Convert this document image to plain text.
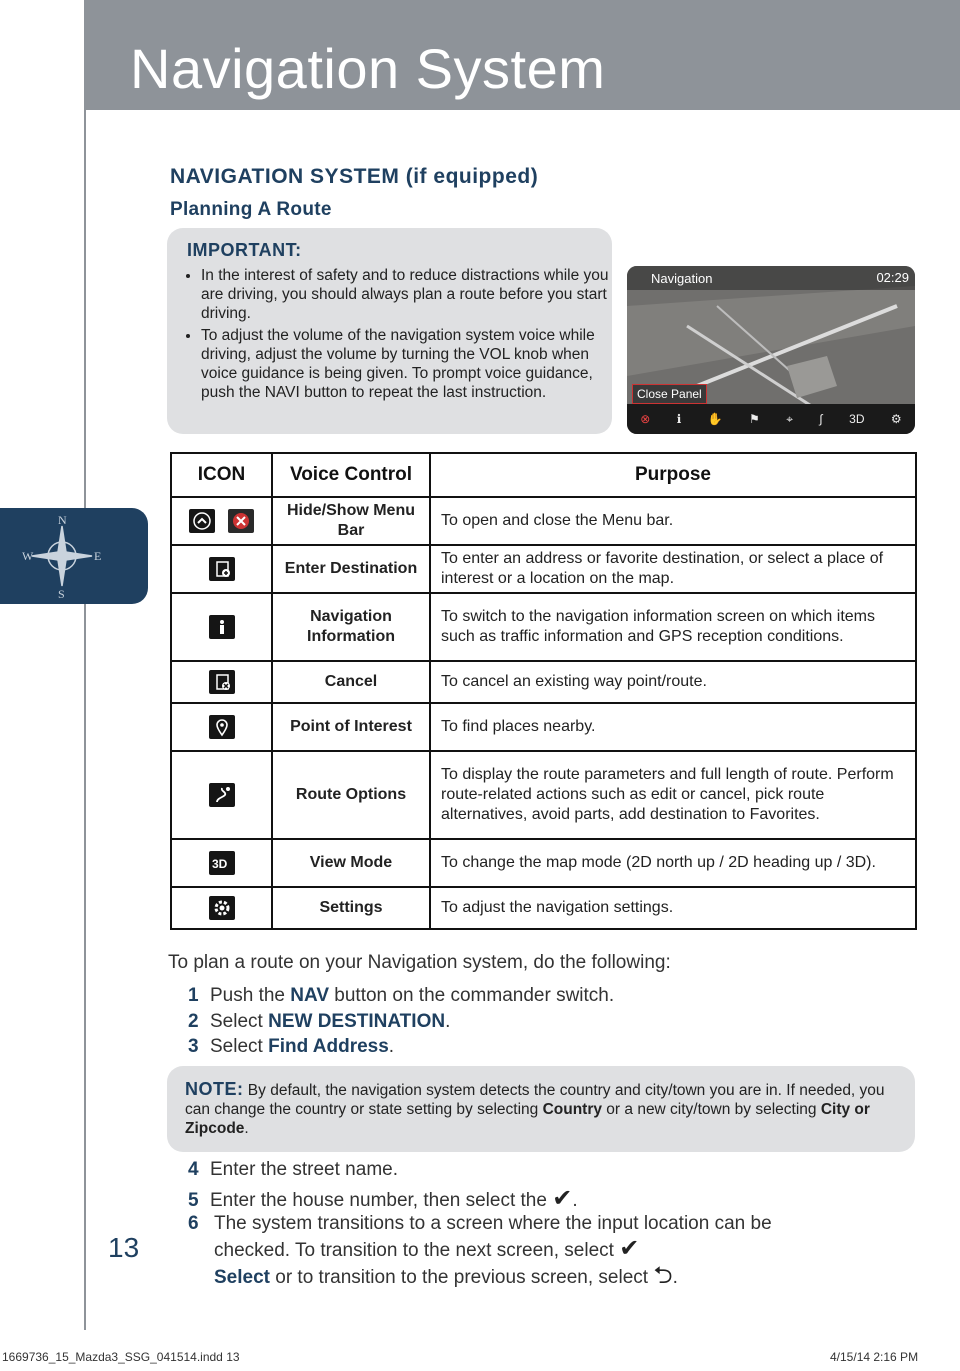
Navigation System
N
S
W	E
13
NAVIGATION SYSTEM (if equipped)
Planning A Route
IMPORTANT:
• In the interest of safety and to reduce distractions while you are driving, you should always plan a route before you start driving.
• To adjust the volume of the navigation system voice while driving, adjust the volume by turning the VOL knob when voice guidance is being given. To prompt voice guidance, push the NAVI button to repeat the last instruction.
Navigation	02:29
Close Panel
⊗ ℹ ✋ ⚑ ⌖ ∫ 3D ⚙
ICON	Voice Control	Purpose

	Hide/Show Menu Bar	To open and close the Menu bar.

	Enter Destination	To enter an address or favorite destination, or select a place of interest or a location on the map.

	Navigation Information	To switch to the navigation information screen on which items such as traffic information and GPS reception conditions.

	Cancel	To cancel an existing way point/route.

	Point of Interest	To find places nearby.

	Route Options	To display the route parameters and full length of route. Perform route-related actions such as edit or cancel, pick route alternatives, avoid parts, add destination to Favorites.

3D	View Mode	To change the map mode (2D north up / 2D heading up / 3D).

	Settings	To adjust the navigation settings.
To plan a route on your Navigation system, do the following:
1 Push the NAV button on the commander switch.
2 Select NEW DESTINATION.
3 Select Find Address.
NOTE: By default, the navigation system detects the country and city/town you are in. If needed, you can change the country or state setting by selecting Country or a new city/town by selecting City or Zipcode.
4 Enter the street name.
5 Enter the house number, then select the ✔.
6 The system transitions to a screen where the input location can be checked. To transition to the next screen, select ✔
Select or to transition to the previous screen, select ⮌.
1669736_15_Mazda3_SSG_041514.indd 13	4/15/14 2:16 PM
